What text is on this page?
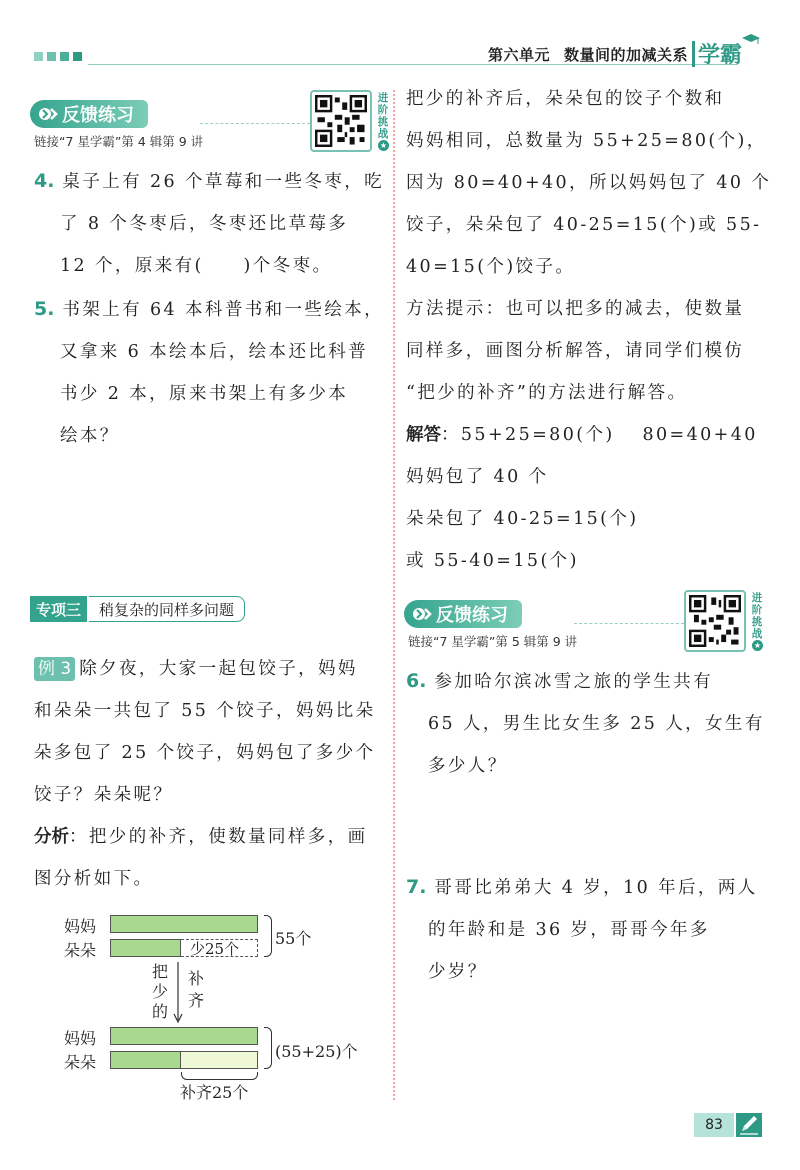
第六单元 数量间的加减关系 学霸
反馈练习
链接“7 星学霸”第 4 辑第 9 讲
进阶挑战
★
4. 桌子上有 26 个草莓和一些冬枣，吃
了 8 个冬枣后，冬枣还比草莓多
12 个，原来有(　　)个冬枣。
5. 书架上有 64 本科普书和一些绘本，
又拿来 6 本绘本后，绘本还比科普
书少 2 本，原来书架上有多少本
绘本？
专项三	稍复杂的同样多问题
例 3 除夕夜，大家一起包饺子，妈妈
和朵朵一共包了 55 个饺子，妈妈比朵
朵多包了 25 个饺子，妈妈包了多少个
饺子？朵朵呢？
分析：把少的补齐，使数量同样多，画
图分析如下。
妈妈
朵朵	少25个
55个
把
少
的
补
齐
妈妈
朵朵
(55+25)个
补齐25个
把少的补齐后，朵朵包的饺子个数和
妈妈相同，总数量为 55+25=80(个)，
因为 80=40+40，所以妈妈包了 40 个
饺子，朵朵包了 40-25=15(个)或 55-
40=15(个)饺子。
方法提示：也可以把多的减去，使数量
同样多，画图分析解答，请同学们模仿
“把少的补齐”的方法进行解答。
解答：55+25=80(个)　 80=40+40
妈妈包了 40 个
朵朵包了 40-25=15(个)
或 55-40=15(个)
反馈练习
链接“7 星学霸”第 5 辑第 9 讲
进阶挑战
★
6. 参加哈尔滨冰雪之旅的学生共有
65 人，男生比女生多 25 人，女生有
多少人？
7. 哥哥比弟弟大 4 岁，10 年后，两人
的年龄和是 36 岁，哥哥今年多
少岁？
83
